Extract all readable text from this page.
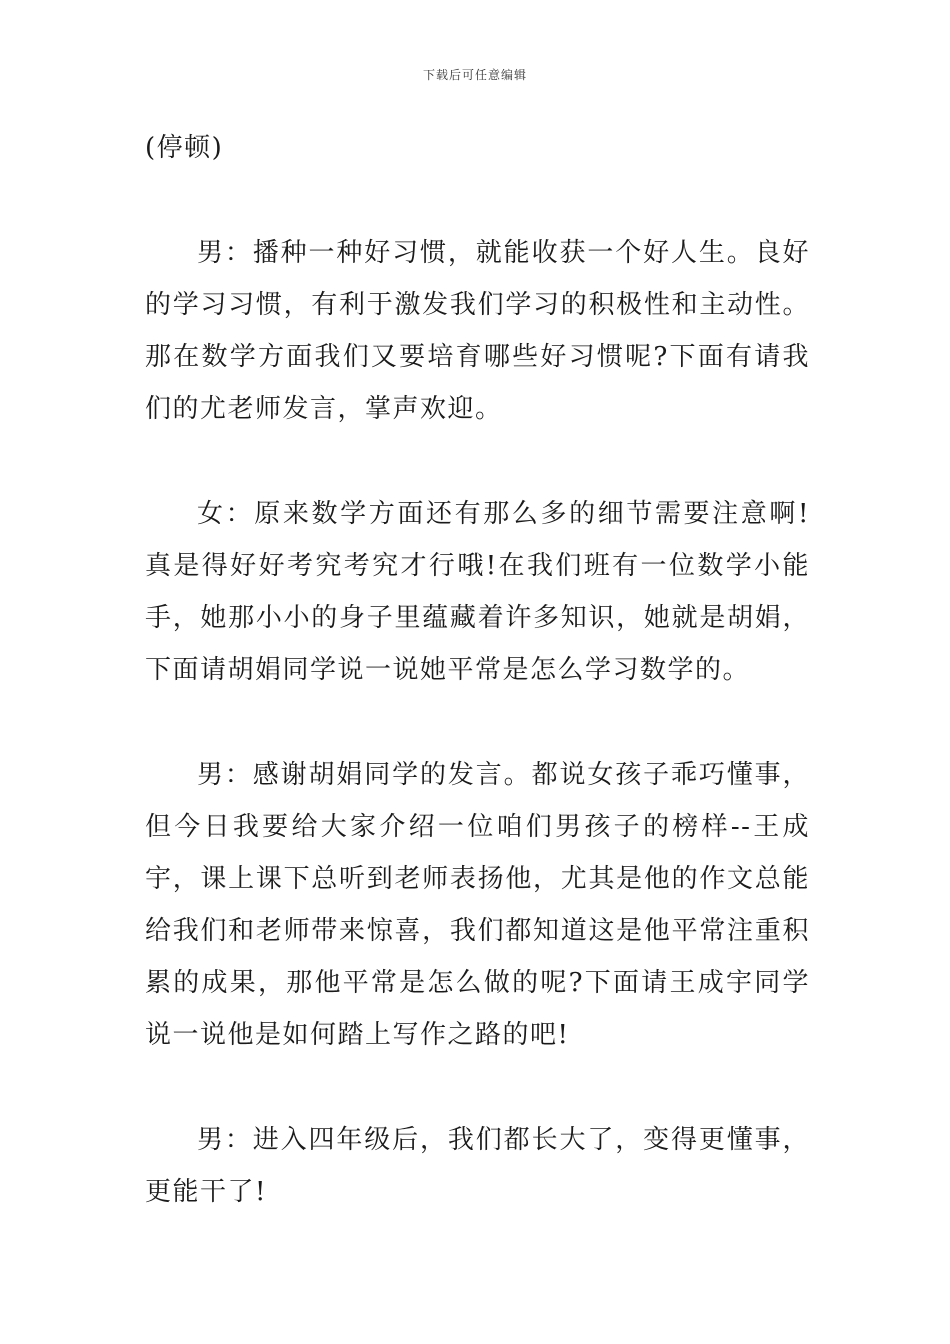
下载后可任意编辑

(停顿)

男：播种一种好习惯，就能收获一个好人生。良好的学习习惯，有利于激发我们学习的积极性和主动性。那在数学方面我们又要培育哪些好习惯呢?下面有请我们的尤老师发言，掌声欢迎。

女：原来数学方面还有那么多的细节需要注意啊!真是得好好考究考究才行哦!在我们班有一位数学小能手，她那小小的身子里蕴藏着许多知识，她就是胡娟，下面请胡娟同学说一说她平常是怎么学习数学的。

男：感谢胡娟同学的发言。都说女孩子乖巧懂事，但今日我要给大家介绍一位咱们男孩子的榜样--王成宇，课上课下总听到老师表扬他，尤其是他的作文总能给我们和老师带来惊喜，我们都知道这是他平常注重积累的成果，那他平常是怎么做的呢?下面请王成宇同学说一说他是如何踏上写作之路的吧!

男：进入四年级后，我们都长大了，变得更懂事，更能干了!
